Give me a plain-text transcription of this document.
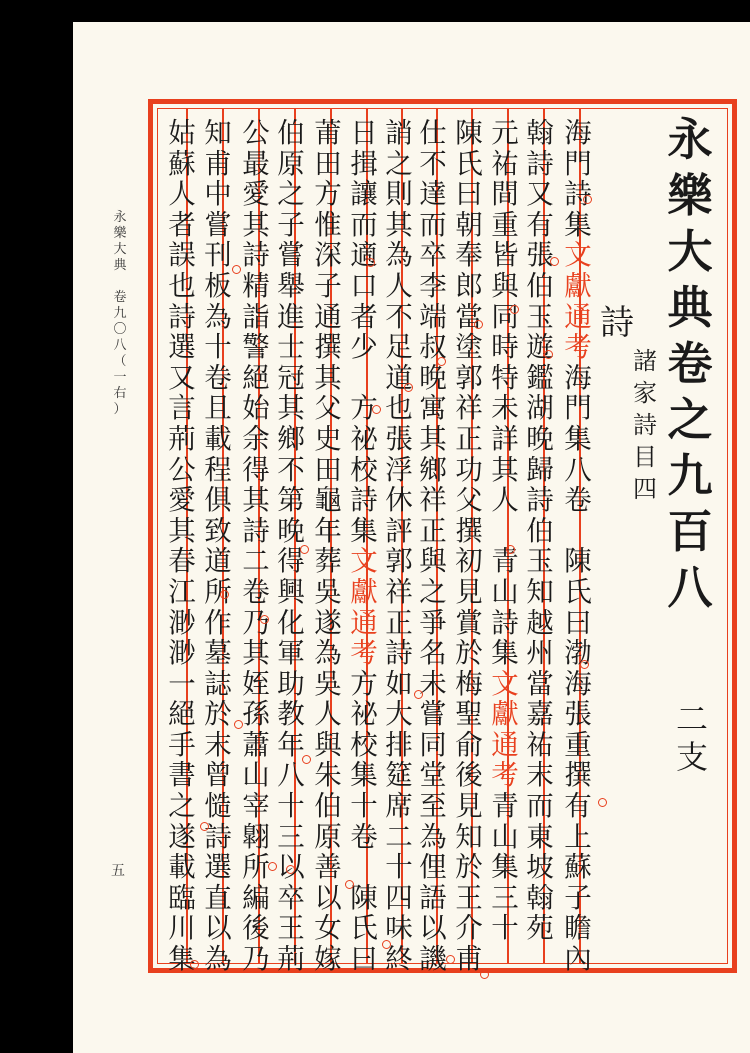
永
樂
大
典

卷
九
〇
八
（
一
右
）
五
永
樂
大
典
卷
之
九
百
八
詩
諸
家
詩
目
四
二
支
海
門
詩
集
文
獻
通
考
海
門
集
八
卷

陳
氏
曰
渤
海
張
重
撰
有
上
蘇
子
瞻
內
翰
詩
又
有
張
伯
玉
遊
鑑
湖
晚
歸
詩
伯
玉
知
越
州
當
嘉
祐
末
而
東
坡
翰
苑
元
祐
間
重
皆
與
同
時
特
未
詳
其
人

青
山
詩
集
文
獻
通
考
青
山
集
三
十
陳
氏
曰
朝
奉
郎
當
塗
郭
祥
正
功
父
撰
初
見
賞
於
梅
聖
俞
後
見
知
於
王
介
甫
仕
不
達
而
卒
李
端
叔
晚
寓
其
鄉
祥
正
與
之
爭
名
未
嘗
同
堂
至
為
俚
語
以
譏
誚
之
則
其
為
人
不
足
道
也
張
浮
休
評
郭
祥
正
詩
如
大
排
筵
席
二
十
四
味
終
日
揖
讓
而
適
口
者
少

方
祕
校
詩
集
文
獻
通
考
方
祕
校
集
十
卷

陳
氏
曰
莆
田
方
惟
深
子
通
撰
其
父
史
田
龜
年
葬
吳
遂
為
吳
人
與
朱
伯
原
善
以
女
嫁
伯
原
之
子
嘗
舉
進
士
冠
其
鄉
不
第
晚
得
興
化
軍
助
教
年
八
十
三
以
卒
王
荊
公
最
愛
其
詩
精
詣
警
絕
始
余
得
其
詩
二
卷
乃
其
姪
孫
蕭
山
宰
翺
所
編
後
乃
知
甫
中
嘗
刊
板
為
十
卷
且
載
程
俱
致
道
所
作
墓
誌
於
末
曾
慥
詩
選
直
以
為
姑
蘇
人
者
誤
也
詩
選
又
言
荊
公
愛
其
春
江
渺
渺
一
絕
手
書
之
遂
載
臨
川
集
